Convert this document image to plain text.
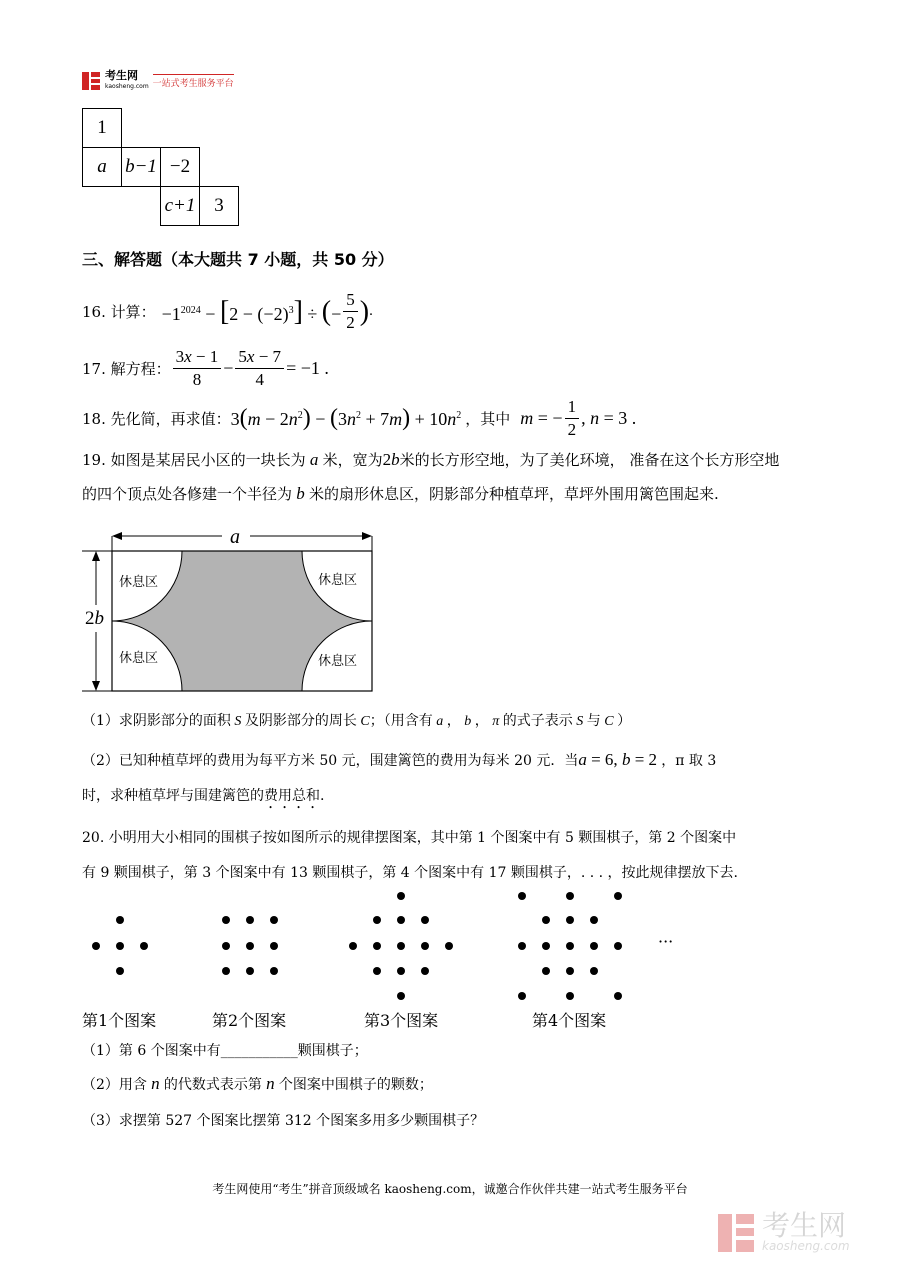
考生网
kaosheng.com 一站式考生服务平台
1			
a	b−1	−2	
		c+1	3
三、解答题（本大题共 7 小题，共 50 分）
16. 计算： $-1^{2024} - [2 - (-2)^3]$ ÷ (− $\frac{5}{2}$ ) .
17. 解方程： $\frac{3x - 1}{8} - \frac{5x - 7}{4} = -1$ .
18. 先化简，再求值： $3(m - 2n^2) - (3n^2 + 7m) + 10n^2$ ，其中 m = − $\frac{1}{2}$ , n = 3 .
19. 如图是某居民小区的一块长为 a 米，宽为2b米的长方形空地，为了美化环境， 准备在这个长方形空地
的四个顶点处各修建一个半径为 b 米的扇形休息区，阴影部分种植草坪，草坪外围用篱笆围起来.
a
2b
休息区	休息区
休息区	休息区
（1）求阴影部分的面积 S 及阴影部分的周长 C；（用含有 a ， b ， π 的式子表示 S 与 C ）
（2）已知种植草坪的费用为每平方米 50 元，围建篱笆的费用为每米 20 元．当a = 6, b = 2 ，π 取 3
时，求种植草坪与围建篱笆的费用总和.
20. 小明用大小相同的围棋子按如图所示的规律摆图案，其中第 1 个图案中有 5 颗围棋子，第 2 个图案中
有 9 颗围棋子，第 3 个图案中有 13 颗围棋子，第 4 个图案中有 17 颗围棋子，. . . ，按此规律摆放下去.
···
第1个图案	第2个图案	第3个图案	第4个图案
（1）第 6 个图案中有___________颗围棋子；
（2）用含 n 的代数式表示第 n 个图案中围棋子的颗数；
（3）求摆第 527 个图案比摆第 312 个图案多用多少颗围棋子？
考生网使用“考生”拼音顶级域名 kaosheng.com，诚邀合作伙伴共建一站式考生服务平台
考生网
kaosheng.com
